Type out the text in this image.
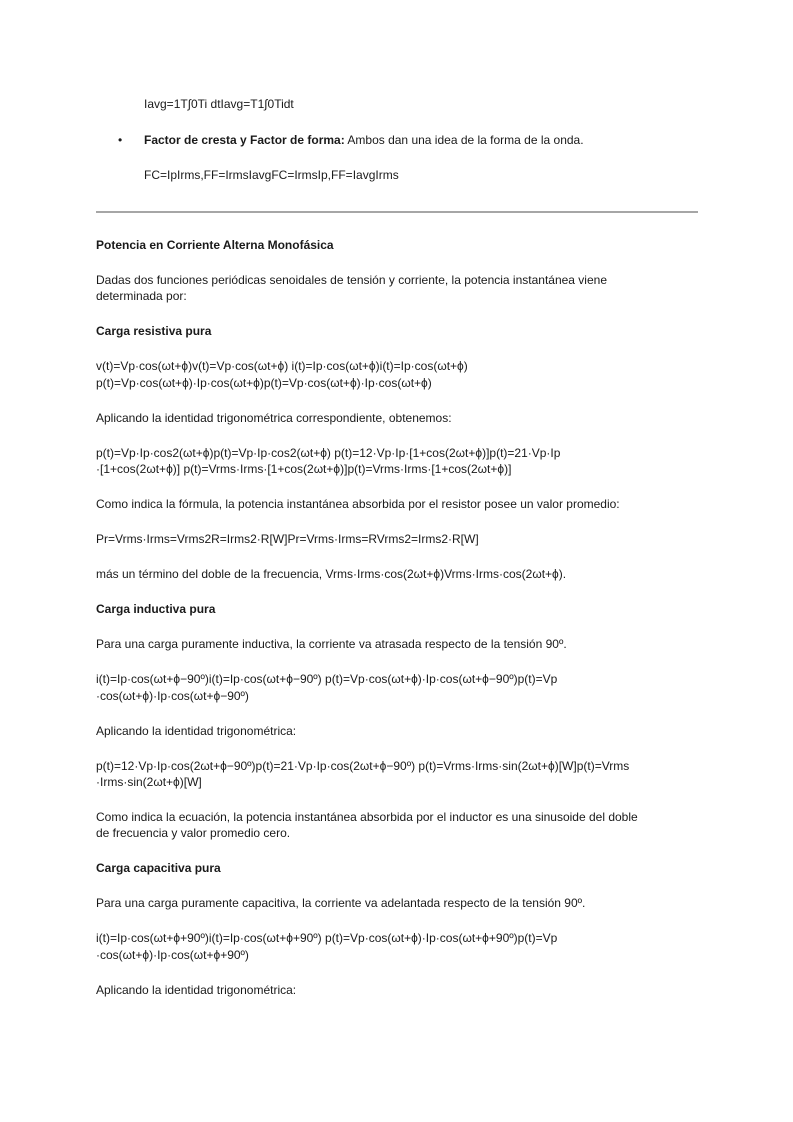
Iavg=1T∫0Ti dtIavg=T1∫0Tidt
• Factor de cresta y Factor de forma: Ambos dan una idea de la forma de la onda.
FC=IpIrms,FF=IrmsIavgFC=IrmsIp,FF=IavgIrms
Potencia en Corriente Alterna Monofásica
Dadas dos funciones periódicas senoidales de tensión y corriente, la potencia instantánea viene
determinada por:
Carga resistiva pura
v(t)=Vp·cos⁡(ωt+ϕ)v(t)=Vp·cos(ωt+ϕ) i(t)=Ip·cos⁡(ωt+ϕ)i(t)=Ip·cos(ωt+ϕ)
p(t)=Vp·cos⁡(ωt+ϕ)·Ip·cos⁡(ωt+ϕ)p(t)=Vp·cos(ωt+ϕ)·Ip·cos(ωt+ϕ)
Aplicando la identidad trigonométrica correspondiente, obtenemos:
p(t)=Vp·Ip·cos⁡2(ωt+ϕ)p(t)=Vp·Ip·cos2(ωt+ϕ) p(t)=12·Vp·Ip·[1+cos⁡(2ωt+ϕ)]p(t)=21·Vp·Ip
·[1+cos(2ωt+ϕ)] p(t)=Vrms·Irms·[1+cos⁡(2ωt+ϕ)]p(t)=Vrms·Irms·[1+cos(2ωt+ϕ)]
Como indica la fórmula, la potencia instantánea absorbida por el resistor posee un valor promedio:
Pr=Vrms·Irms=Vrms2R=Irms2·R[W]Pr=Vrms·Irms=RVrms2=Irms2·R[W]
más un término del doble de la frecuencia, Vrms·Irms·cos⁡(2ωt+ϕ)Vrms·Irms·cos(2ωt+ϕ).
Carga inductiva pura
Para una carga puramente inductiva, la corriente va atrasada respecto de la tensión 90º.
i(t)=Ip·cos⁡(ωt+ϕ−90º)i(t)=Ip·cos(ωt+ϕ−90º) p(t)=Vp·cos⁡(ωt+ϕ)·Ip·cos⁡(ωt+ϕ−90º)p(t)=Vp
·cos(ωt+ϕ)·Ip·cos(ωt+ϕ−90º)
Aplicando la identidad trigonométrica:
p(t)=12·Vp·Ip·cos⁡(2ωt+ϕ−90º)p(t)=21·Vp·Ip·cos(2ωt+ϕ−90º) p(t)=Vrms·Irms·sin⁡(2ωt+ϕ)[W]p(t)=Vrms
·Irms·sin(2ωt+ϕ)[W]
Como indica la ecuación, la potencia instantánea absorbida por el inductor es una sinusoide del doble
de frecuencia y valor promedio cero.
Carga capacitiva pura
Para una carga puramente capacitiva, la corriente va adelantada respecto de la tensión 90º.
i(t)=Ip·cos⁡(ωt+ϕ+90º)i(t)=Ip·cos(ωt+ϕ+90º) p(t)=Vp·cos⁡(ωt+ϕ)·Ip·cos⁡(ωt+ϕ+90º)p(t)=Vp
·cos(ωt+ϕ)·Ip·cos(ωt+ϕ+90º)
Aplicando la identidad trigonométrica:
